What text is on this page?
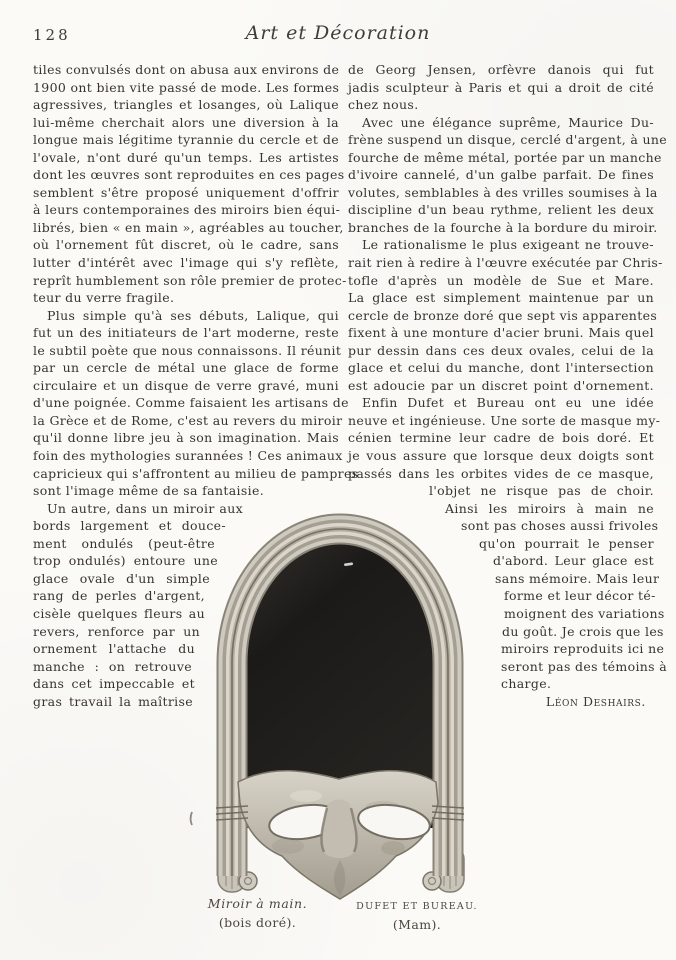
128	Art et Décoration
tiles convulsés dont on abusa aux environs de
1900 ont bien vite passé de mode. Les formes
agressives, triangles et losanges, où Lalique
lui-même cherchait alors une diversion à la
longue mais légitime tyrannie du cercle et de
l'ovale, n'ont duré qu'un temps. Les artistes
dont les œuvres sont reproduites en ces pages
semblent s'être proposé uniquement d'offrir
à leurs contemporaines des miroirs bien équi-
librés, bien « en main », agréables au toucher,
où l'ornement fût discret, où le cadre, sans
lutter d'intérêt avec l'image qui s'y reflète,
reprît humblement son rôle premier de protec-
teur du verre fragile.
Plus simple qu'à ses débuts, Lalique, qui
fut un des initiateurs de l'art moderne, reste
le subtil poète que nous connaissons. Il réunit
par un cercle de métal une glace de forme
circulaire et un disque de verre gravé, muni
d'une poignée. Comme faisaient les artisans de
la Grèce et de Rome, c'est au revers du miroir
qu'il donne libre jeu à son imagination. Mais
foin des mythologies surannées ! Ces animaux
capricieux qui s'affrontent au milieu de pampres
sont l'image même de sa fantaisie.
Un autre, dans un miroir aux
bords largement et douce-
ment ondulés (peut-être
trop ondulés) entoure une
glace ovale d'un simple
rang de perles d'argent,
cisèle quelques fleurs au
revers, renforce par un
ornement l'attache du
manche : on retrouve
dans cet impeccable et
gras travail la maîtrise
de Georg Jensen, orfèvre danois qui fut
jadis sculpteur à Paris et qui a droit de cité
chez nous.
Avec une élégance suprême, Maurice Du-
frène suspend un disque, cerclé d'argent, à une
fourche de même métal, portée par un manche
d'ivoire cannelé, d'un galbe parfait. De fines
volutes, semblables à des vrilles soumises à la
discipline d'un beau rythme, relient les deux
branches de la fourche à la bordure du miroir.
Le rationalisme le plus exigeant ne trouve-
rait rien à redire à l'œuvre exécutée par Chris-
tofle d'après un modèle de Sue et Mare.
La glace est simplement maintenue par un
cercle de bronze doré que sept vis apparentes
fixent à une monture d'acier bruni. Mais quel
pur dessin dans ces deux ovales, celui de la
glace et celui du manche, dont l'intersection
est adoucie par un discret point d'ornement.
Enfin Dufet et Bureau ont eu une idée
neuve et ingénieuse. Une sorte de masque my-
cénien termine leur cadre de bois doré. Et
je vous assure que lorsque deux doigts sont
passés dans les orbites vides de ce masque,
l'objet ne risque pas de choir.
Ainsi les miroirs à main ne
sont pas choses aussi frivoles
qu'on pourrait le penser
d'abord. Leur glace est
sans mémoire. Mais leur
forme et leur décor té-
moignent des variations
du goût. Je crois que les
miroirs reproduits ici ne
seront pas des témoins à
charge.
Léon Deshairs.
Miroir à main.
(bois doré).
DUFET ET BUREAU.
(Mam).
